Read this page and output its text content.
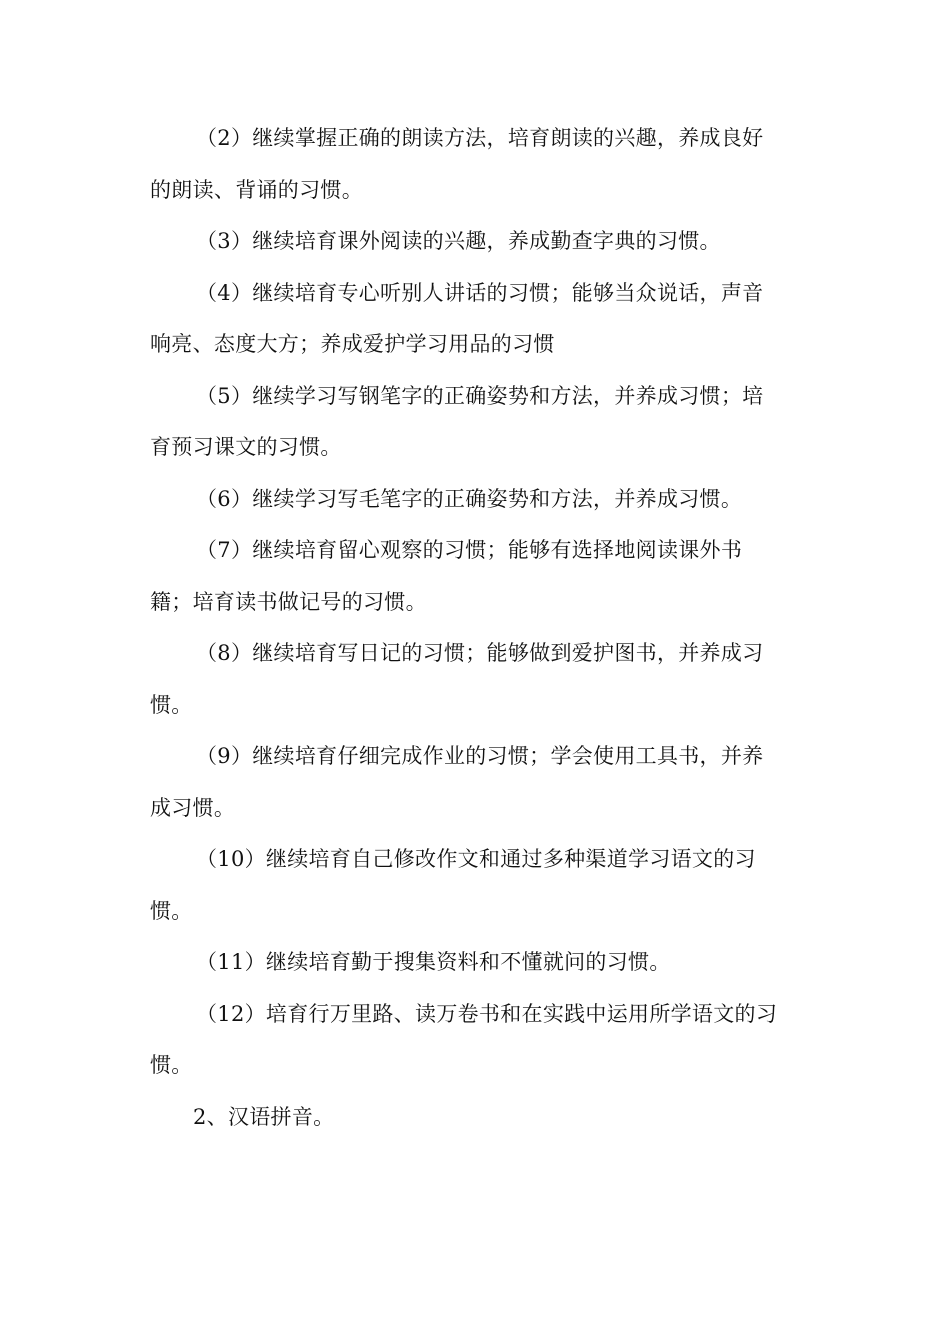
（2）继续掌握正确的朗读方法，培育朗读的兴趣，养成良好
的朗读、背诵的习惯。

（3）继续培育课外阅读的兴趣，养成勤查字典的习惯。

（4）继续培育专心听别人讲话的习惯；能够当众说话，声音
响亮、态度大方；养成爱护学习用品的习惯

（5）继续学习写钢笔字的正确姿势和方法，并养成习惯；培
育预习课文的习惯。

（6）继续学习写毛笔字的正确姿势和方法，并养成习惯。

（7）继续培育留心观察的习惯；能够有选择地阅读课外书
籍；培育读书做记号的习惯。

（8）继续培育写日记的习惯；能够做到爱护图书，并养成习
惯。

（9）继续培育仔细完成作业的习惯；学会使用工具书，并养
成习惯。

（10）继续培育自己修改作文和通过多种渠道学习语文的习
惯。

（11）继续培育勤于搜集资料和不懂就问的习惯。

（12）培育行万里路、读万卷书和在实践中运用所学语文的习
惯。

2、汉语拼音。
